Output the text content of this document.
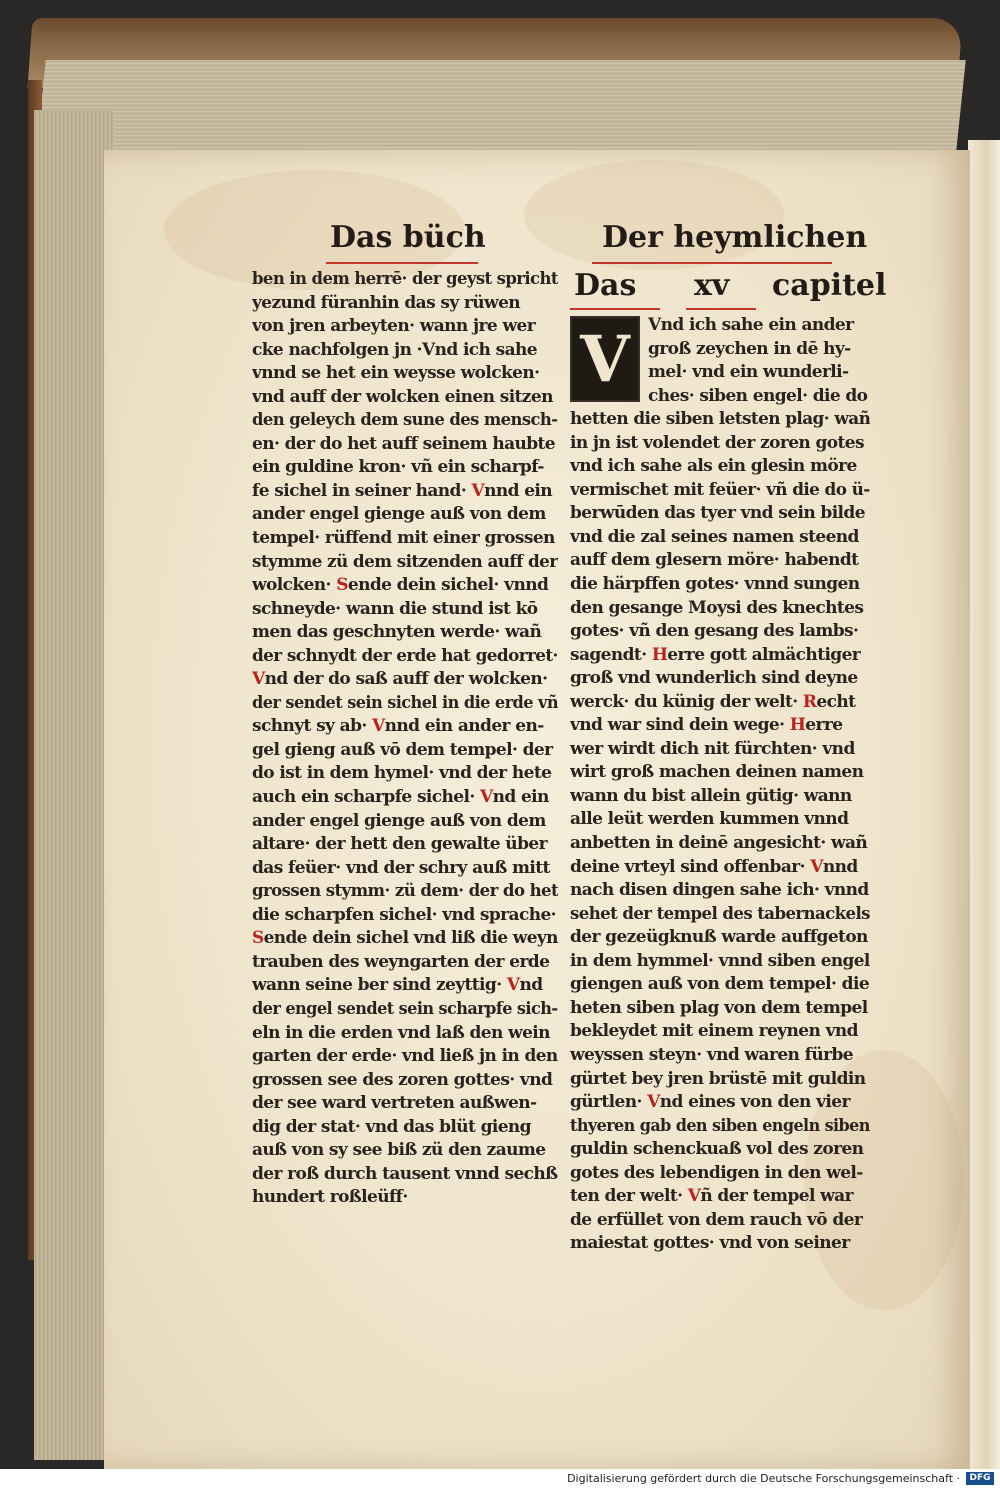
Das büch	Der heymlichen
Das xv capitel
ben in dem herrē· der geyst spricht
yezund füranhin das sy rüwen
von jren arbeyten· wann jre wer
cke nachfolgen jn ·Vnd ich sahe
vnnd se het ein weysse wolcken·
vnd auff der wolcken einen sitzen
den geleych dem sune des mensch-
en· der do het auff seinem haubte
ein guldine kron· vñ ein scharpf-
fe sichel in seiner hand· Vnnd ein
ander engel gienge auß von dem
tempel· rüffend mit einer grossen
stymme zü dem sitzenden auff der
wolcken· Sende dein sichel· vnnd
schneyde· wann die stund ist kō
men das geschnyten werde· wañ
der schnydt der erde hat gedorret·
Vnd der do saß auff der wolcken·
der sendet sein sichel in die erde vñ
schnyt sy ab· Vnnd ein ander en-
gel gieng auß vō dem tempel· der
do ist in dem hymel· vnd der hete
auch ein scharpfe sichel· Vnd ein
ander engel gienge auß von dem
altare· der hett den gewalte über
das feüer· vnd der schry auß mitt
grossen stymm· zü dem· der do het
die scharpfen sichel· vnd sprache·
Sende dein sichel vnd liß die weyn
trauben des weyngarten der erde
wann seine ber sind zeyttig· Vnd
der engel sendet sein scharpfe sich-
eln in die erden vnd laß den wein
garten der erde· vnd ließ jn in den
grossen see des zoren gottes· vnd
der see ward vertreten außwen-
dig der stat· vnd das blüt gieng
auß von sy see biß zü den zaume
der roß durch tausent vnnd sechß
hundert roßleüff·
V	Vnd ich sahe ein ander
groß zeychen in dē hy-
mel· vnd ein wunderli-
ches· siben engel· die do
hetten die siben letsten plag· wañ
in jn ist volendet der zoren gotes
vnd ich sahe als ein glesin möre
vermischet mit feüer· vñ die do ü-
berwūden das tyer vnd sein bilde
vnd die zal seines namen steend
auff dem glesern möre· habendt
die härpffen gotes· vnnd sungen
den gesange Moysi des knechtes
gotes· vñ den gesang des lambs·
sagendt· Herre gott almächtiger
groß vnd wunderlich sind deyne
werck· du künig der welt· Recht
vnd war sind dein wege· Herre
wer wirdt dich nit fürchten· vnd
wirt groß machen deinen namen
wann du bist allein gütig· wann
alle leüt werden kummen vnnd
anbetten in deinē angesicht· wañ
deine vrteyl sind offenbar· Vnnd
nach disen dingen sahe ich· vnnd
sehet der tempel des tabernackels
der gezeügknuß warde auffgeton
in dem hymmel· vnnd siben engel
giengen auß von dem tempel· die
heten siben plag von dem tempel
bekleydet mit einem reynen vnd
weyssen steyn· vnd waren fürbe
gürtet bey jren brüstē mit guldin
gürtlen· Vnd eines von den vier
thyeren gab den siben engeln siben
guldin schenckuaß vol des zoren
gotes des lebendigen in den wel-
ten der welt· Vñ der tempel war
de erfüllet von dem rauch vō der
maiestat gottes· vnd von seiner
Digitalisierung gefördert durch die Deutsche Forschungsgemeinschaft ·	DFG
